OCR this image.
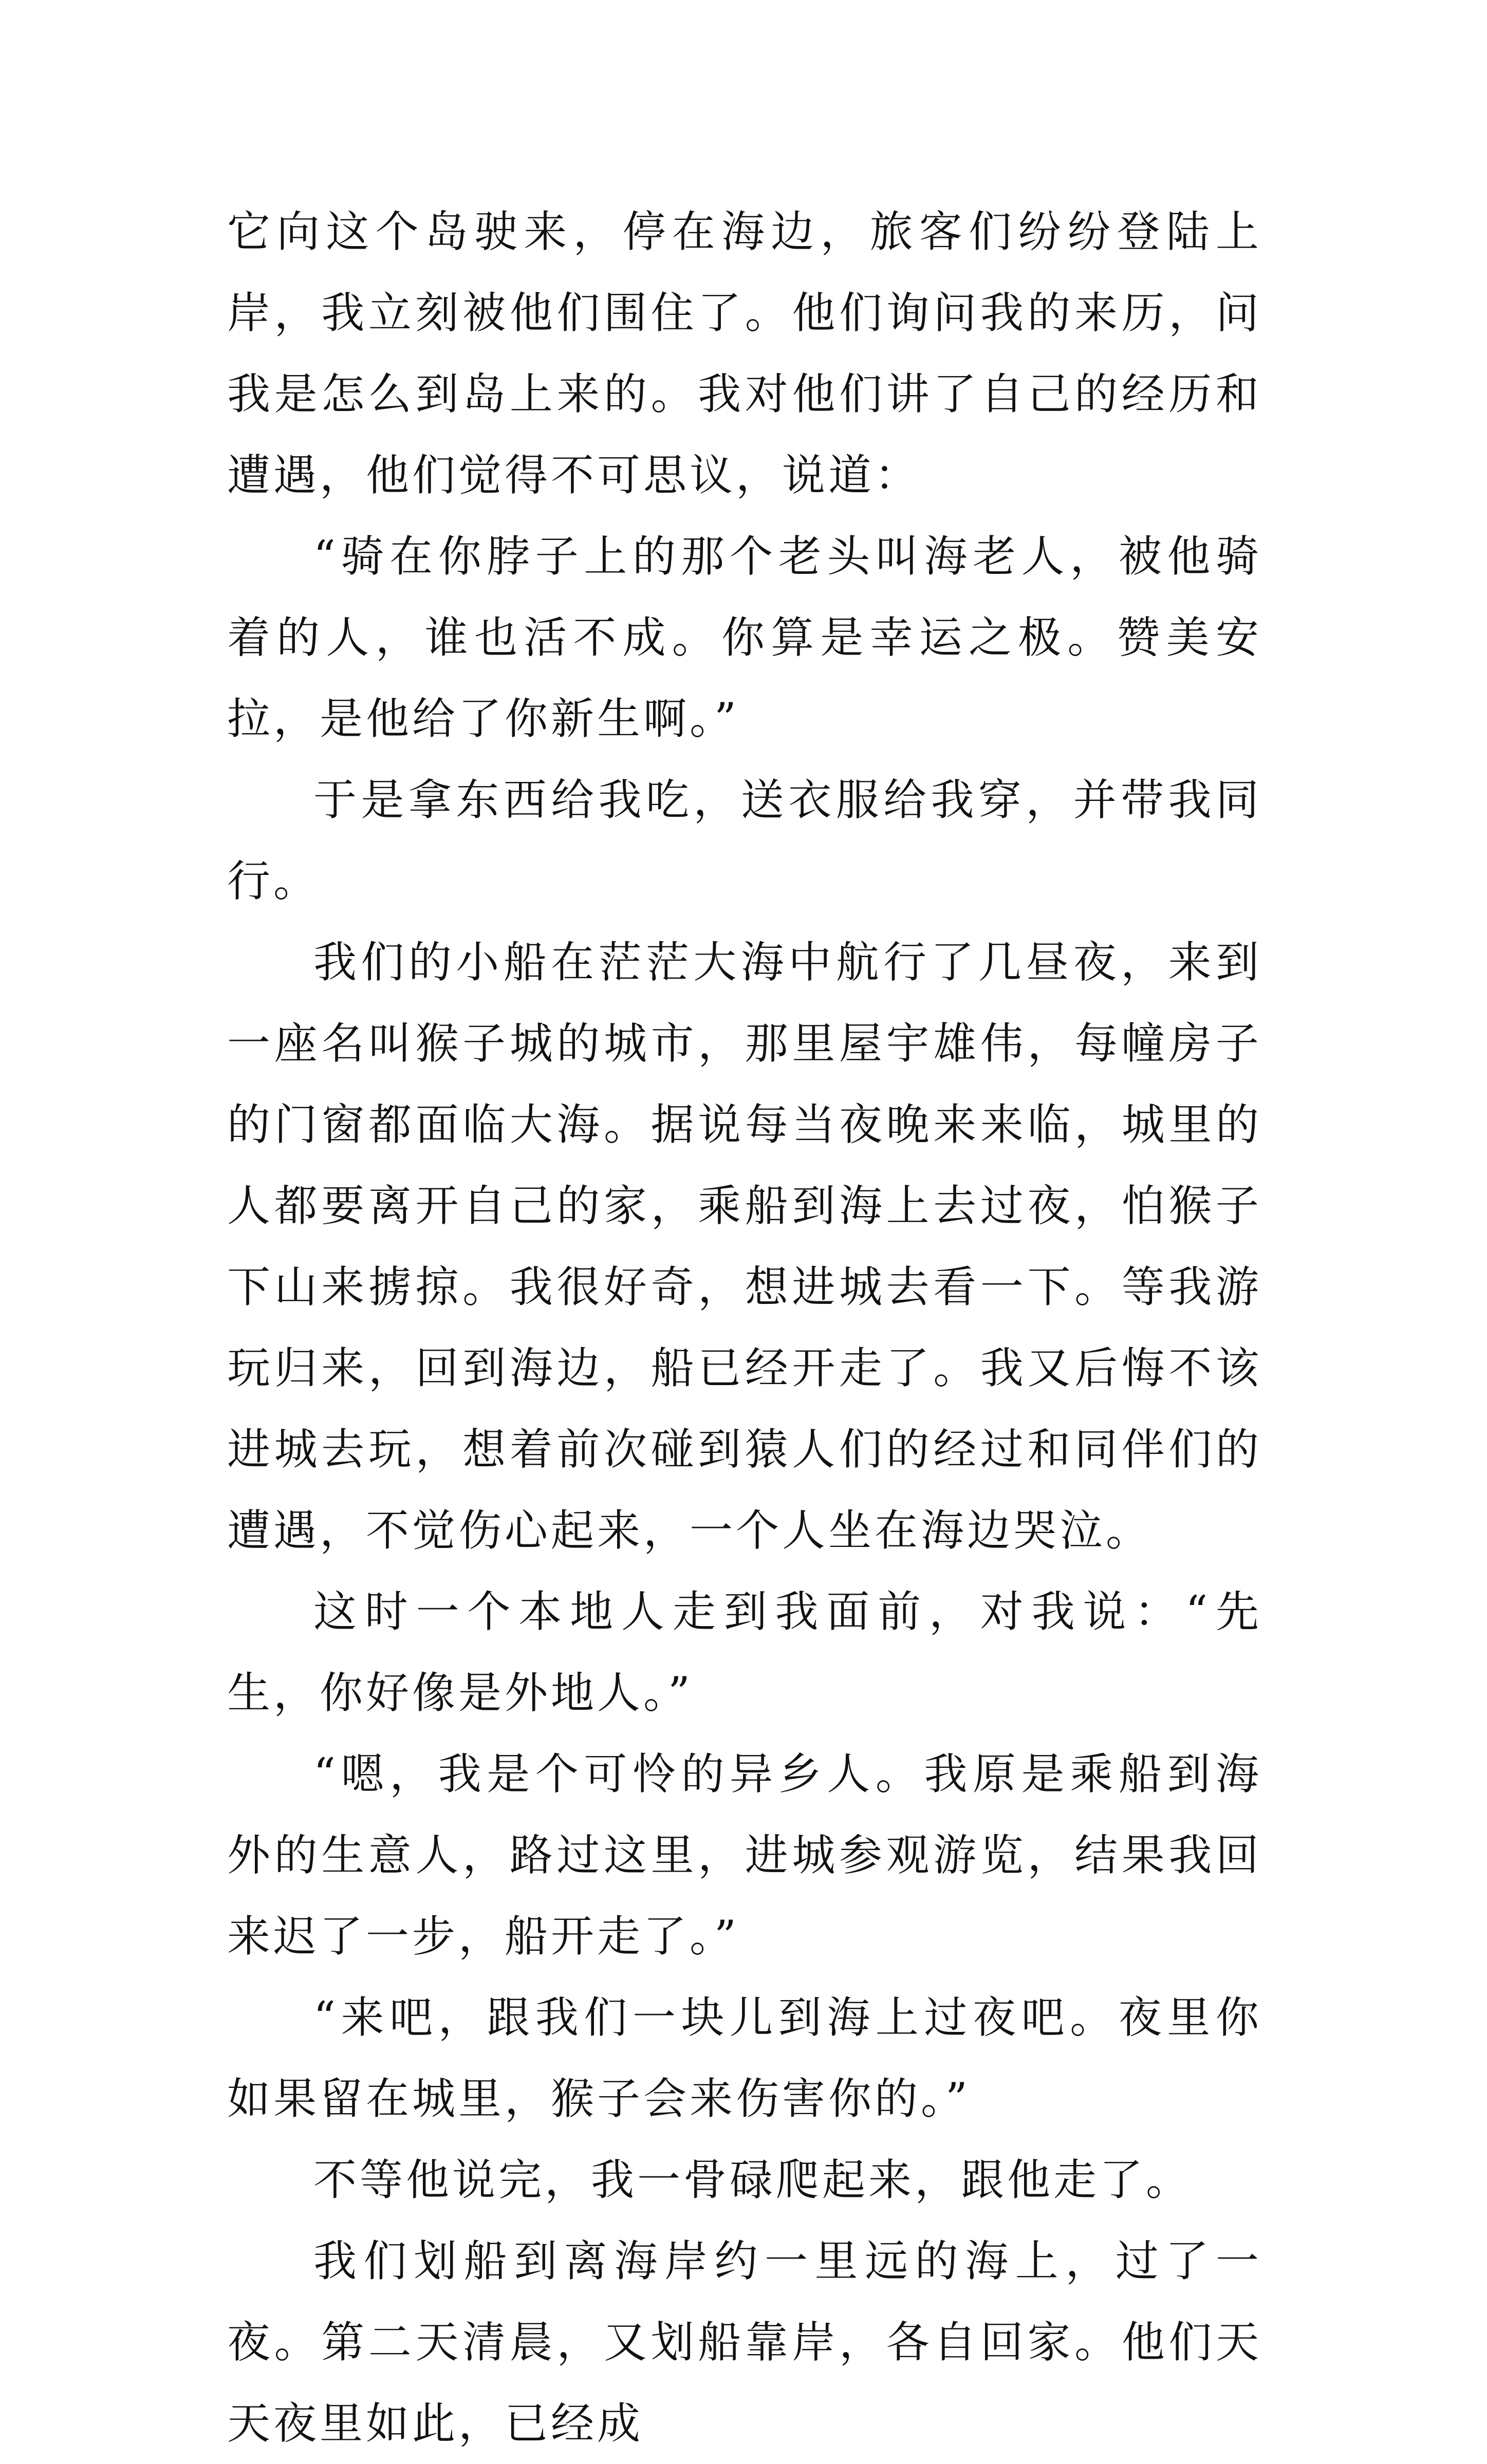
它向这个岛驶来，停在海边，旅客们纷纷登陆上岸，我立刻被他们围住了。他们询问我的来历，问我是怎么到岛上来的。我对他们讲了自己的经历和遭遇，他们觉得不可思议，说道：

“骑在你脖子上的那个老头叫海老人，被他骑着的人，谁也活不成。你算是幸运之极。赞美安拉，是他给了你新生啊。”

于是拿东西给我吃，送衣服给我穿，并带我同行。

我们的小船在茫茫大海中航行了几昼夜，来到一座名叫猴子城的城市，那里屋宇雄伟，每幢房子的门窗都面临大海。据说每当夜晚来来临，城里的人都要离开自己的家，乘船到海上去过夜，怕猴子下山来掳掠。我很好奇，想进城去看一下。等我游玩归来，回到海边，船已经开走了。我又后悔不该进城去玩，想着前次碰到猿人们的经过和同伴们的遭遇，不觉伤心起来，一个人坐在海边哭泣。

这时一个本地人走到我面前，对我说：“先生，你好像是外地人。”

“嗯，我是个可怜的异乡人。我原是乘船到海外的生意人，路过这里，进城参观游览，结果我回来迟了一步，船开走了。”

“来吧，跟我们一块儿到海上过夜吧。夜里你如果留在城里，猴子会来伤害你的。”

不等他说完，我一骨碌爬起来，跟他走了。

我们划船到离海岸约一里远的海上，过了一夜。第二天清晨，又划船靠岸，各自回家。他们天天夜里如此，已经成
